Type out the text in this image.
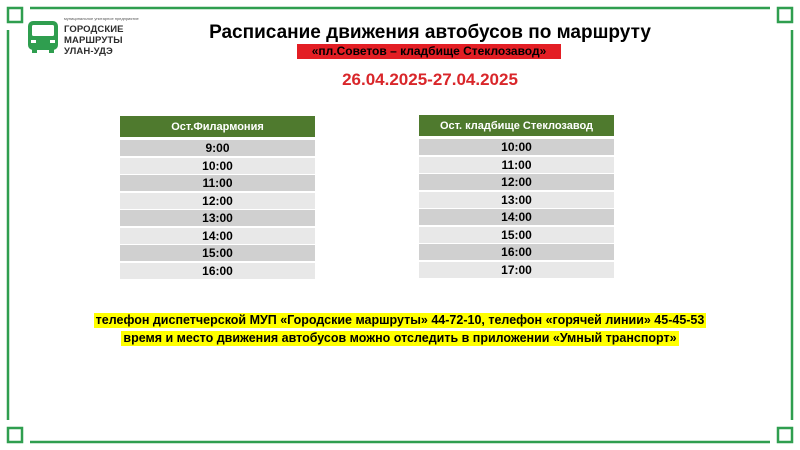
муниципальное унитарное предприятие
ГОРОДСКИЕ
МАРШРУТЫ
УЛАН-УДЭ
Расписание движения автобусов по маршруту
«пл.Советов – кладбище Стеклозавод»
26.04.2025-27.04.2025
Ост.Филармония
9:00
10:00
11:00
12:00
13:00
14:00
15:00
16:00
Ост. кладбище Стеклозавод
10:00
11:00
12:00
13:00
14:00
15:00
16:00
17:00
телефон диспетчерской МУП «Городские маршруты» 44-72-10, телефон «горячей линии» 45-45-53
время и место движения автобусов можно отследить в приложении «Умный транспорт»
